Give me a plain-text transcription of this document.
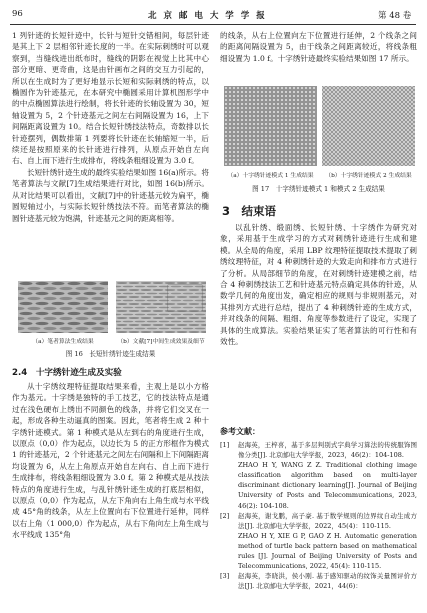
96	北 京 邮 电 大 学 学 报	第 48 卷

1 列针迹的长短针迹中，长针与短针交错相间，每层针迹是其上下 2 层相邻针迹长度的一半。在实际刺绣时可以观察到，当缝线进出纸布时，缝线的阴影在视觉上比其中心部分更暗、更奇曲，这是由针画布之间的交互力引起的，所以在生成时为了更好地显示长短和实际刺绣的特点，以椭圆作为针迹基元，在本研究中椭圆采用计算机图形学中的中点椭圆算法进行绘制，将长针迹的长轴设置为 30，短轴设置为 5，2 个针迹基元之间左右间隔设置为 16，上下间隔距离设置为 10。结合长短针绣技法特点，奇数排以长针迹摆列，偶数排第 1 列要将长针迹在长轴缩短一半，后续还是按照原来的长针迹进行排列，从原点开始自左向右、自上而下进行生成排布，将线条粗细设置为 3.0 f。

长短针绣针迹生成的最终实验结果如图 16(a)所示。将笔者算法与文献[7]生成结果进行对比，如图 16(b)所示。从对比结果可以看出，文献[7]中的针迹基元较为扁平，椭圆短轴过小，与实际长短针绣技法不符。而笔者算法的椭圆针迹基元较为饱满，针迹基元之间的距离相等。

（a）笔者算法生成结果	（b）文献[7]中间生成效果及细节
图 16　长短针绣针迹生成结果
2.4　十字绣针迹生成及实验

从十字绣纹理特征提取结果来看，主观上是以小方格作为基元。十字绣是独特的手工技艺，它的技法特点是通过在浅色硬布上绣出不同颜色的线条，并将它们交叉在一起，形成各种生动逼真的图案。因此，笔者将生成 2 种十字绣针迹模式。第 1 种模式是从左到右的角度进行生成，以原点（0,0）作为起点，以边长为 5 的正方形框作为模式 1 的针迹基元，2 个针迹基元之间左右间隔和上下间隔距离均设置为 6，从左上角原点开始自左向右、自上而下进行生成排布，将线条粗细设置为 3.0 f。第 2 种模式是从技法特点的角度进行生成，与乱针绣针迹生成的打底层相似，以原点（0,0）作为起点，从左下角向右上角生成与水平线成 45°角的线条，从左上位置向右下位置进行延伸，同样以右上角（1 000,0）作为起点，从右下角向左上角生成与水平线成 135°角

的线条，从右上位置向左下位置进行延伸，2 个线条之间的距离间隔设置为 5，由于线条之间距离较近，将线条粗细设置为 1.0 f。十字绣针迹最终实验结果如图 17 所示。

（a）十字绣针迹模式 1 生成结果	（b）十字绣针迹模式 2 生成结果
图 17　十字绣针迹模式 1 和模式 2 生成结果
3　结束语

以乱针绣、缎面绣、长短针绣、十字绣作为研究对象，采用基于生成学习的方式对刺绣针迹进行生成和建模。从全局的角度，采用 LBP 纹理特征提取技术提取了刺绣纹理特征，对 4 种刺绣针迹的大致走向和排布方式进行了分析。从局部细节的角度，在对刺绣针迹建模之前，结合 4 种刺绣技法工艺和针迹基元特点确定具体的针迹，从数学几何的角度出发，确定相应的规则与非规则基元，对其排列方式进行总结，提出了 4 种刺绣针迹的生成方式，并对线条的间隔、粗细、角度等参数进行了设定，实现了具体的生成算法。实验结果证实了笔者算法的可行性和有效性。

参考文献：
[1]	赵海英，王梓喜，基于多层判别式字典学习算法的传统服饰图像分类[J]. 北京邮电大学学报，2023，46(2)：104-108.
ZHAO H Y, WANG Z Z. Traditional clothing image classification algorithm based on multi-layer discriminant dictionary learning[J]. Journal of Beijing University of Posts and Telecommunications, 2023, 46(2): 104-108.
[2]	赵海英，谢戈鹏，高子豪. 基于数学规则的边界纹自动生成方法[J]. 北京邮电大学学报，2022，45(4)：110-115.
ZHAO H Y, XIE G P, GAO Z H. Automatic generation method of turtle back pattern based on mathematical rules [J]. Journal of Beijing University of Posts and Telecommunications, 2022, 45(4): 110-115.
[3]	赵海英，李晓洪，侯小刚. 基于感知驱动的纹饰关量图评价方法[J]. 北京邮电大学学报，2021，44(6)：
